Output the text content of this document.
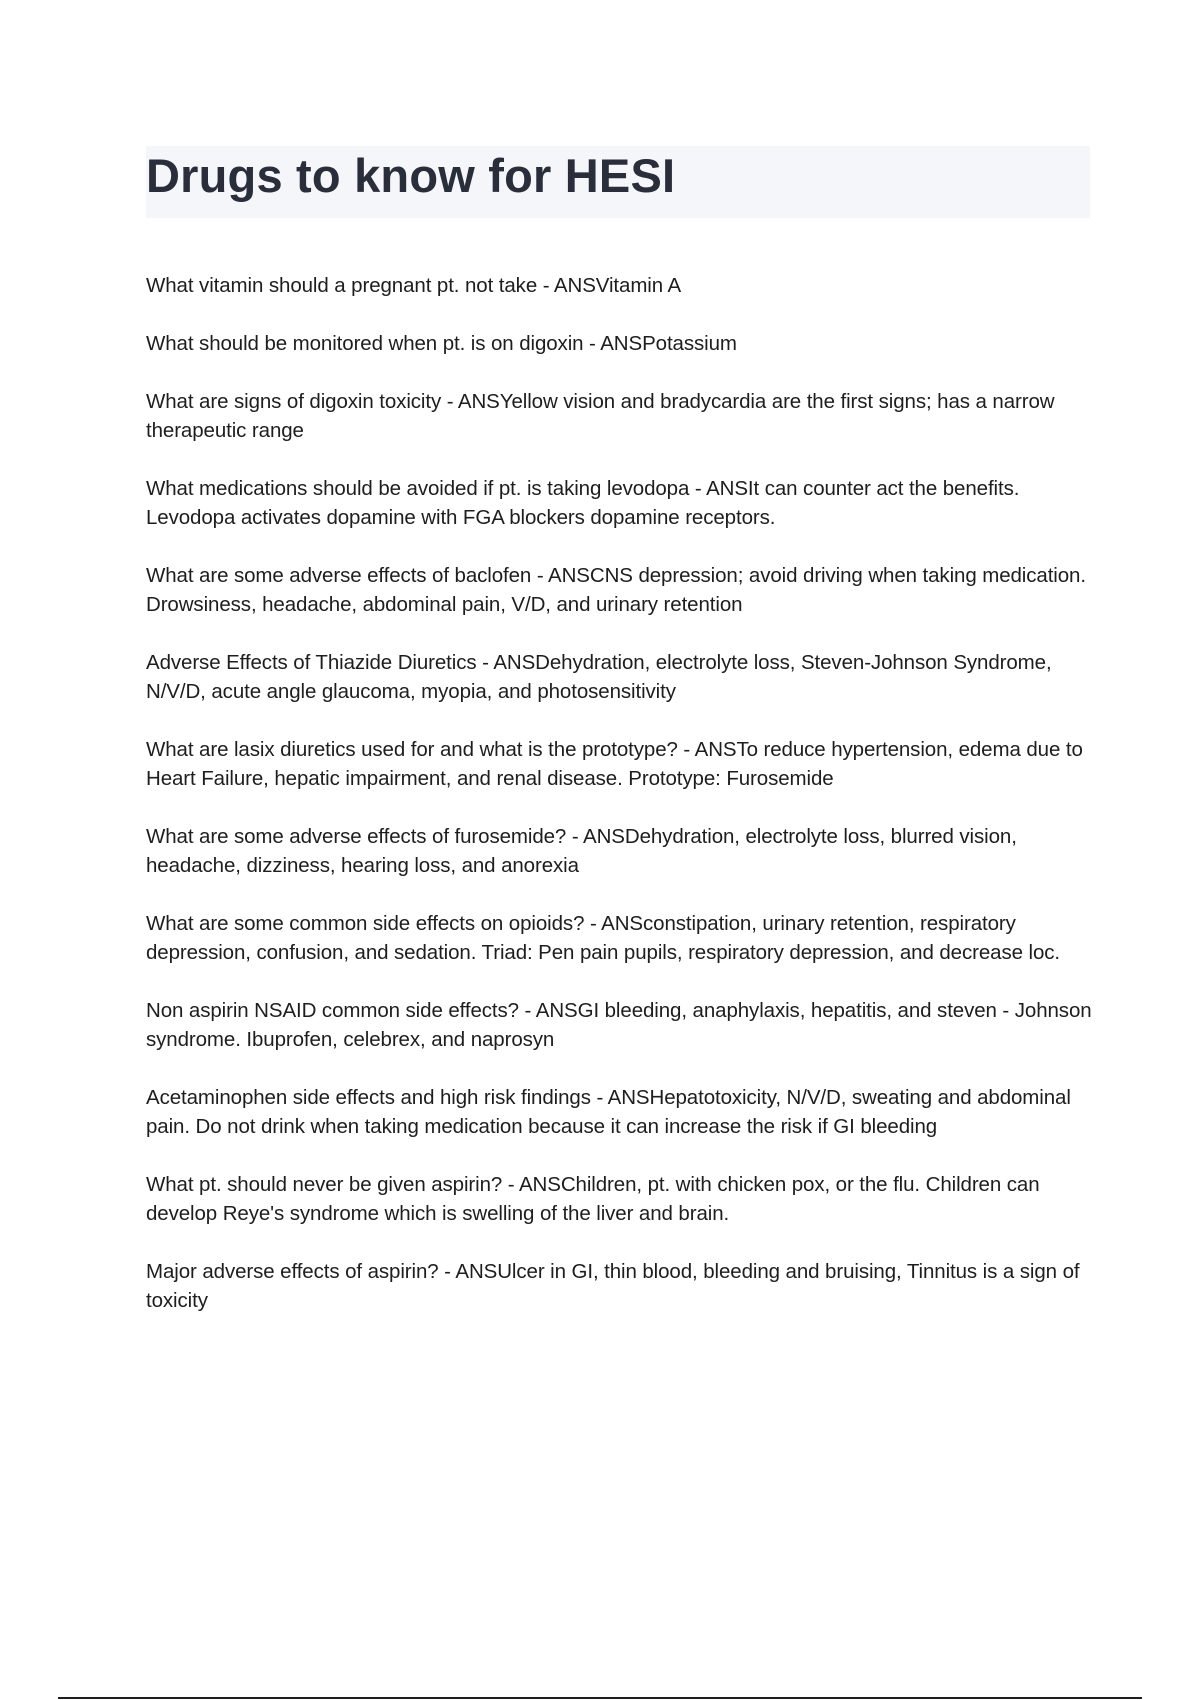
Drugs to know for HESI
What vitamin should a pregnant pt. not take - ANSVitamin A
What should be monitored when pt. is on digoxin - ANSPotassium
What are signs of digoxin toxicity - ANSYellow vision and bradycardia are the first signs; has a narrow therapeutic range
What medications should be avoided if pt. is taking levodopa - ANSIt can counter act the benefits. Levodopa activates dopamine with FGA blockers dopamine receptors.
What are some adverse effects of baclofen - ANSCNS depression; avoid driving when taking medication. Drowsiness, headache, abdominal pain, V/D, and urinary retention
Adverse Effects of Thiazide Diuretics - ANSDehydration, electrolyte loss, Steven-Johnson Syndrome, N/V/D, acute angle glaucoma, myopia, and photosensitivity
What are lasix diuretics used for and what is the prototype? - ANSTo reduce hypertension, edema due to Heart Failure, hepatic impairment, and renal disease. Prototype: Furosemide
What are some adverse effects of furosemide? - ANSDehydration, electrolyte loss, blurred vision, headache, dizziness, hearing loss, and anorexia
What are some common side effects on opioids? - ANSconstipation, urinary retention, respiratory depression, confusion, and sedation. Triad: Pen pain pupils, respiratory depression, and decrease loc.
Non aspirin NSAID common side effects? - ANSGI bleeding, anaphylaxis, hepatitis, and steven - Johnson syndrome. Ibuprofen, celebrex, and naprosyn
Acetaminophen side effects and high risk findings - ANSHepatotoxicity, N/V/D, sweating and abdominal pain. Do not drink when taking medication because it can increase the risk if GI bleeding
What pt. should never be given aspirin? - ANSChildren, pt. with chicken pox, or the flu. Children can develop Reye's syndrome which is swelling of the liver and brain.
Major adverse effects of aspirin? - ANSUlcer in GI, thin blood, bleeding and bruising, Tinnitus is a sign of toxicity
